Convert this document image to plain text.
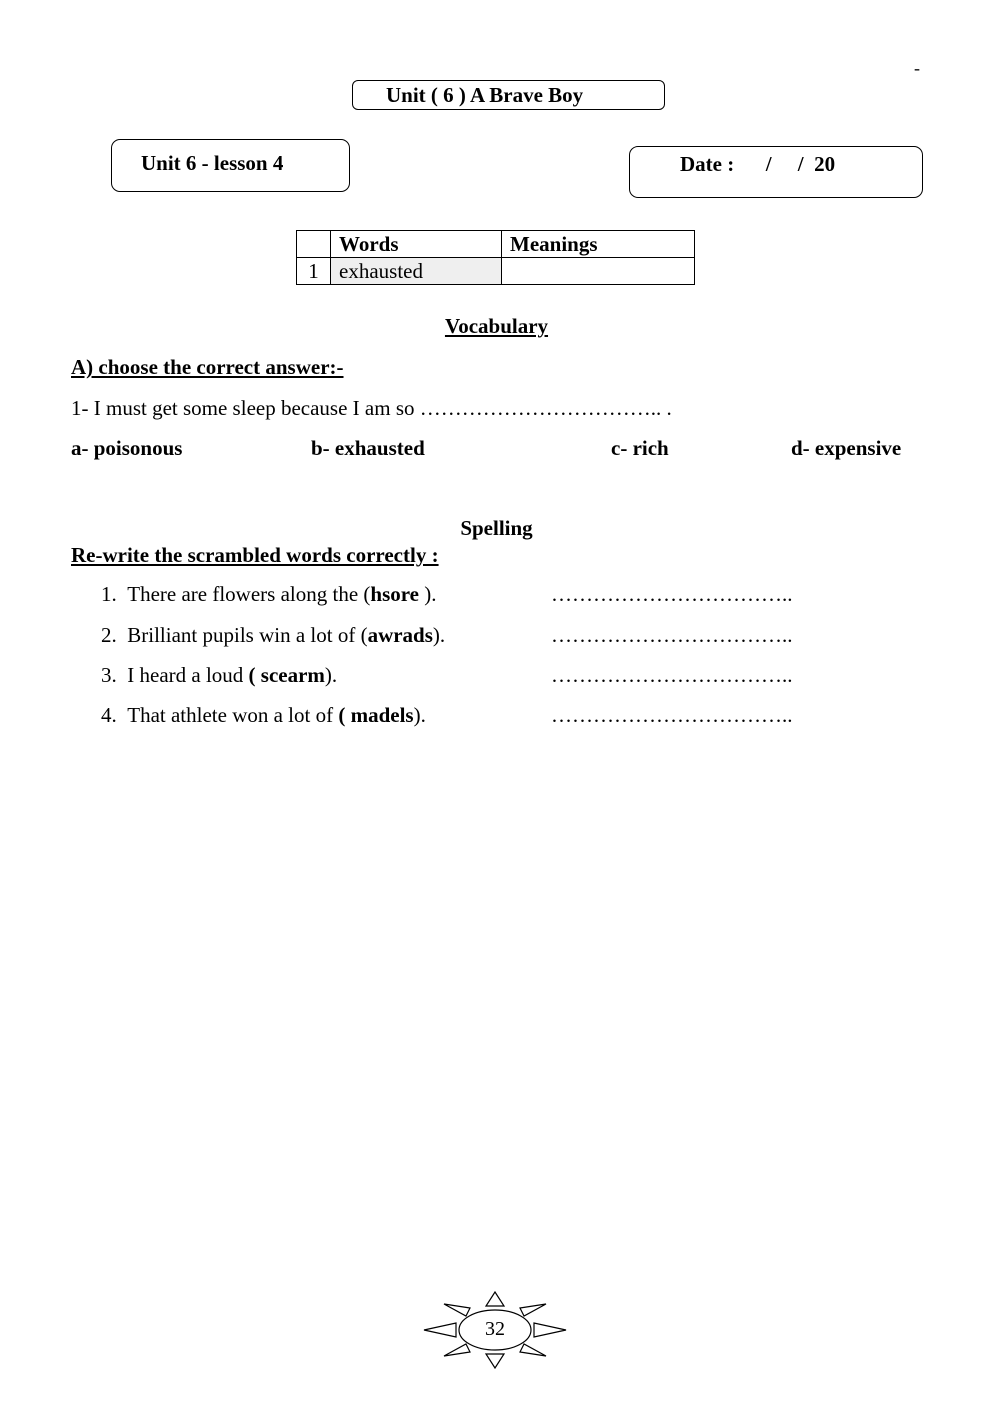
-
Unit ( 6 ) A Brave Boy
Unit 6 - lesson 4	Date :      /     /  20
	Words	Meanings
1	exhausted	
Vocabulary
A) choose the correct answer:-
1- I must get some sleep because I am so …………………………….. .
a- poisonous	b- exhausted	c- rich	d- expensive
Spelling
Re-write the scrambled words correctly :
1. There are flowers along the (hsore ).	……………………………..
2. Brilliant pupils win a lot of (awrads).	……………………………..
3. I heard a loud ( scearm).	……………………………..
4. That athlete won a lot of ( madels).	……………………………..
32
